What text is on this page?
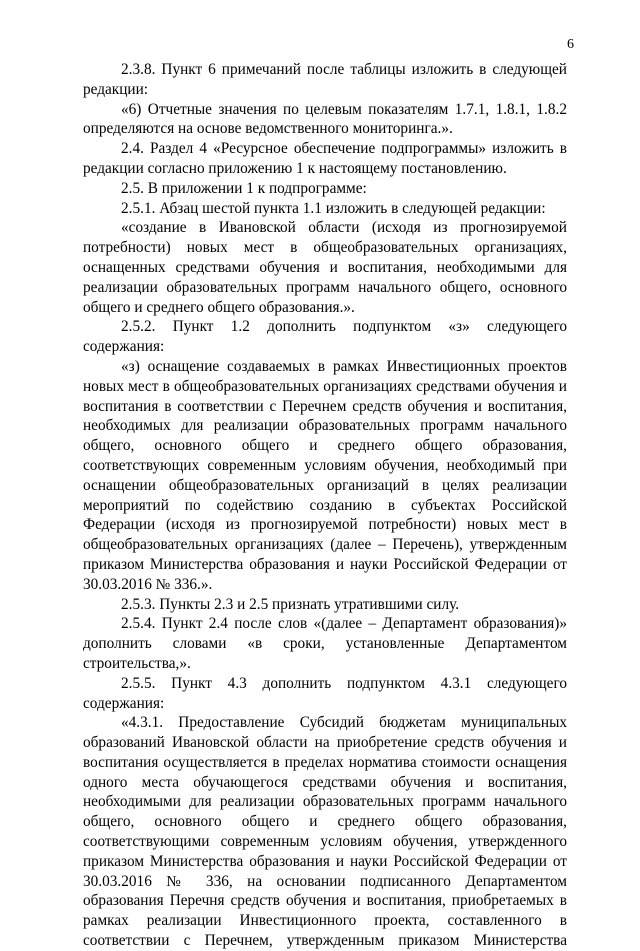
6

2.3.8. Пункт 6 примечаний после таблицы изложить в следующей редакции:

«6) Отчетные значения по целевым показателям 1.7.1, 1.8.1, 1.8.2 определяются на основе ведомственного мониторинга.».

2.4. Раздел 4 «Ресурсное обеспечение подпрограммы» изложить в редакции согласно приложению 1 к настоящему постановлению.

2.5. В приложении 1 к подпрограмме:

2.5.1. Абзац шестой пункта 1.1 изложить в следующей редакции:

«создание в Ивановской области (исходя из прогнозируемой потребности) новых мест в общеобразовательных организациях, оснащенных средствами обучения и воспитания, необходимыми для реализации образовательных программ начального общего, основного общего и среднего общего образования.».

2.5.2. Пункт 1.2 дополнить подпунктом «з» следующего содержания:

«з) оснащение создаваемых в рамках Инвестиционных проектов новых мест в общеобразовательных организациях средствами обучения и воспитания в соответствии с Перечнем средств обучения и воспитания, необходимых для реализации образовательных программ начального общего, основного общего и среднего общего образования, соответствующих современным условиям обучения, необходимый при оснащении общеобразовательных организаций в целях реализации мероприятий по содействию созданию в субъектах Российской Федерации (исходя из прогнозируемой потребности) новых мест в общеобразовательных организациях (далее – Перечень), утвержденным приказом Министерства образования и науки Российской Федерации от 30.03.2016 № 336.».

2.5.3. Пункты 2.3 и 2.5 признать утратившими силу.

2.5.4. Пункт 2.4 после слов «(далее – Департамент образования)» дополнить словами «в сроки, установленные Департаментом строительства,».

2.5.5. Пункт 4.3 дополнить подпунктом 4.3.1 следующего содержания:

«4.3.1. Предоставление Субсидий бюджетам муниципальных образований Ивановской области на приобретение средств обучения и воспитания осуществляется в пределах норматива стоимости оснащения одного места обучающегося средствами обучения и воспитания, необходимыми для реализации образовательных программ начального общего, основного общего и среднего общего образования, соответствующими современным условиям обучения, утвержденного приказом Министерства образования и науки Российской Федерации от 30.03.2016 № 336, на основании подписанного Департаментом образования Перечня средств обучения и воспитания, приобретаемых в рамках реализации Инвестиционного проекта, составленного в соответствии с Перечнем, утвержденным приказом Министерства
